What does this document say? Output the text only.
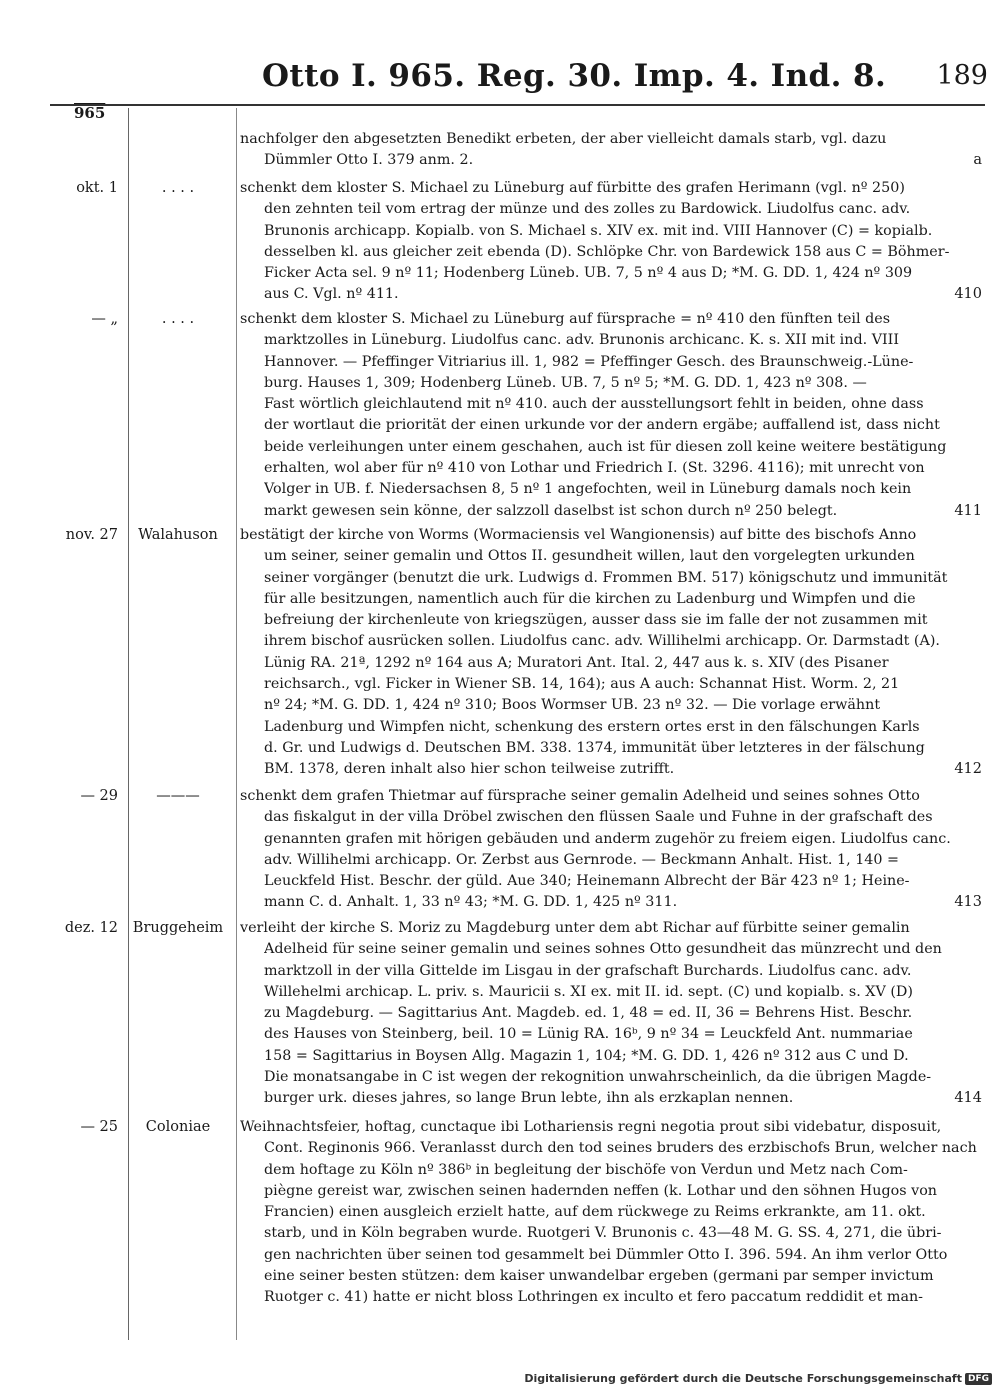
Otto I. 965. Reg. 30. Imp. 4. Ind. 8. 189
965
nachfolger den abgesetzten Benedikt erbeten, der aber vielleicht damals starb, vgl. dazu
Dümmler Otto I. 379 anm. 2.	a
okt. 1	. . . .	schenkt dem kloster S. Michael zu Lüneburg auf fürbitte des grafen Herimann (vgl. nº 250)
den zehnten teil vom ertrag der münze und des zolles zu Bardowick. Liudolfus canc. adv.
Brunonis archicapp. Kopialb. von S. Michael s. XIV ex. mit ind. VIII Hannover (C) = kopialb.
desselben kl. aus gleicher zeit ebenda (D). Schlöpke Chr. von Bardewick 158 aus C = Böhmer-
Ficker Acta sel. 9 nº 11; Hodenberg Lüneb. UB. 7, 5 nº 4 aus D; *M. G. DD. 1, 424 nº 309
aus C. Vgl. nº 411.	410
— „	. . . .	schenkt dem kloster S. Michael zu Lüneburg auf fürsprache = nº 410 den fünften teil des
marktzolles in Lüneburg. Liudolfus canc. adv. Brunonis archicanc. K. s. XII mit ind. VIII
Hannover. — Pfeffinger Vitriarius ill. 1, 982 = Pfeffinger Gesch. des Braunschweig.-Lüne-
burg. Hauses 1, 309; Hodenberg Lüneb. UB. 7, 5 nº 5; *M. G. DD. 1, 423 nº 308. —
Fast wörtlich gleichlautend mit nº 410. auch der ausstellungsort fehlt in beiden, ohne dass
der wortlaut die priorität der einen urkunde vor der andern ergäbe; auffallend ist, dass nicht
beide verleihungen unter einem geschahen, auch ist für diesen zoll keine weitere bestätigung
erhalten, wol aber für nº 410 von Lothar und Friedrich I. (St. 3296. 4116); mit unrecht von
Volger in UB. f. Niedersachsen 8, 5 nº 1 angefochten, weil in Lüneburg damals noch kein
markt gewesen sein könne, der salzzoll daselbst ist schon durch nº 250 belegt.	411
nov. 27	Walahuson	bestätigt der kirche von Worms (Wormaciensis vel Wangionensis) auf bitte des bischofs Anno
um seiner, seiner gemalin und Ottos II. gesundheit willen, laut den vorgelegten urkunden
seiner vorgänger (benutzt die urk. Ludwigs d. Frommen BM. 517) königschutz und immunität
für alle besitzungen, namentlich auch für die kirchen zu Ladenburg und Wimpfen und die
befreiung der kirchenleute von kriegszügen, ausser dass sie im falle der not zusammen mit
ihrem bischof ausrücken sollen. Liudolfus canc. adv. Willihelmi archicapp. Or. Darmstadt (A).
Lünig RA. 21ª, 1292 nº 164 aus A; Muratori Ant. Ital. 2, 447 aus k. s. XIV (des Pisaner
reichsarch., vgl. Ficker in Wiener SB. 14, 164); aus A auch: Schannat Hist. Worm. 2, 21
nº 24; *M. G. DD. 1, 424 nº 310; Boos Wormser UB. 23 nº 32. — Die vorlage erwähnt
Ladenburg und Wimpfen nicht, schenkung des erstern ortes erst in den fälschungen Karls
d. Gr. und Ludwigs d. Deutschen BM. 338. 1374, immunität über letzteres in der fälschung
BM. 1378, deren inhalt also hier schon teilweise zutrifft.	412
— 29	———	schenkt dem grafen Thietmar auf fürsprache seiner gemalin Adelheid und seines sohnes Otto
das fiskalgut in der villa Dröbel zwischen den flüssen Saale und Fuhne in der grafschaft des
genannten grafen mit hörigen gebäuden und anderm zugehör zu freiem eigen. Liudolfus canc.
adv. Willihelmi archicapp. Or. Zerbst aus Gernrode. — Beckmann Anhalt. Hist. 1, 140 =
Leuckfeld Hist. Beschr. der güld. Aue 340; Heinemann Albrecht der Bär 423 nº 1; Heine-
mann C. d. Anhalt. 1, 33 nº 43; *M. G. DD. 1, 425 nº 311.	413
dez. 12	Bruggeheim	verleiht der kirche S. Moriz zu Magdeburg unter dem abt Richar auf fürbitte seiner gemalin
Adelheid für seine seiner gemalin und seines sohnes Otto gesundheit das münzrecht und den
marktzoll in der villa Gittelde im Lisgau in der grafschaft Burchards. Liudolfus canc. adv.
Willehelmi archicap. L. priv. s. Mauricii s. XI ex. mit II. id. sept. (C) und kopialb. s. XV (D)
zu Magdeburg. — Sagittarius Ant. Magdeb. ed. 1, 48 = ed. II, 36 = Behrens Hist. Beschr.
des Hauses von Steinberg, beil. 10 = Lünig RA. 16ᵇ, 9 nº 34 = Leuckfeld Ant. nummariae
158 = Sagittarius in Boysen Allg. Magazin 1, 104; *M. G. DD. 1, 426 nº 312 aus C und D.
Die monatsangabe in C ist wegen der rekognition unwahrscheinlich, da die übrigen Magde-
burger urk. dieses jahres, so lange Brun lebte, ihn als erzkaplan nennen.	414
— 25	Coloniae	Weihnachtsfeier, hoftag, cunctaque ibi Lothariensis regni negotia prout sibi videbatur, disposuit,
Cont. Reginonis 966. Veranlasst durch den tod seines bruders des erzbischofs Brun, welcher nach
dem hoftage zu Köln nº 386ᵇ in begleitung der bischöfe von Verdun und Metz nach Com-
piègne gereist war, zwischen seinen hadernden neffen (k. Lothar und den söhnen Hugos von
Francien) einen ausgleich erzielt hatte, auf dem rückwege zu Reims erkrankte, am 11. okt.
starb, und in Köln begraben wurde. Ruotgeri V. Brunonis c. 43—48 M. G. SS. 4, 271, die übri-
gen nachrichten über seinen tod gesammelt bei Dümmler Otto I. 396. 594. An ihm verlor Otto
eine seiner besten stützen: dem kaiser unwandelbar ergeben (germani par semper invictum
Ruotger c. 41) hatte er nicht bloss Lothringen ex inculto et fero paccatum reddidit et man-
Digitalisierung gefördert durch die Deutsche Forschungsgemeinschaft DFG
